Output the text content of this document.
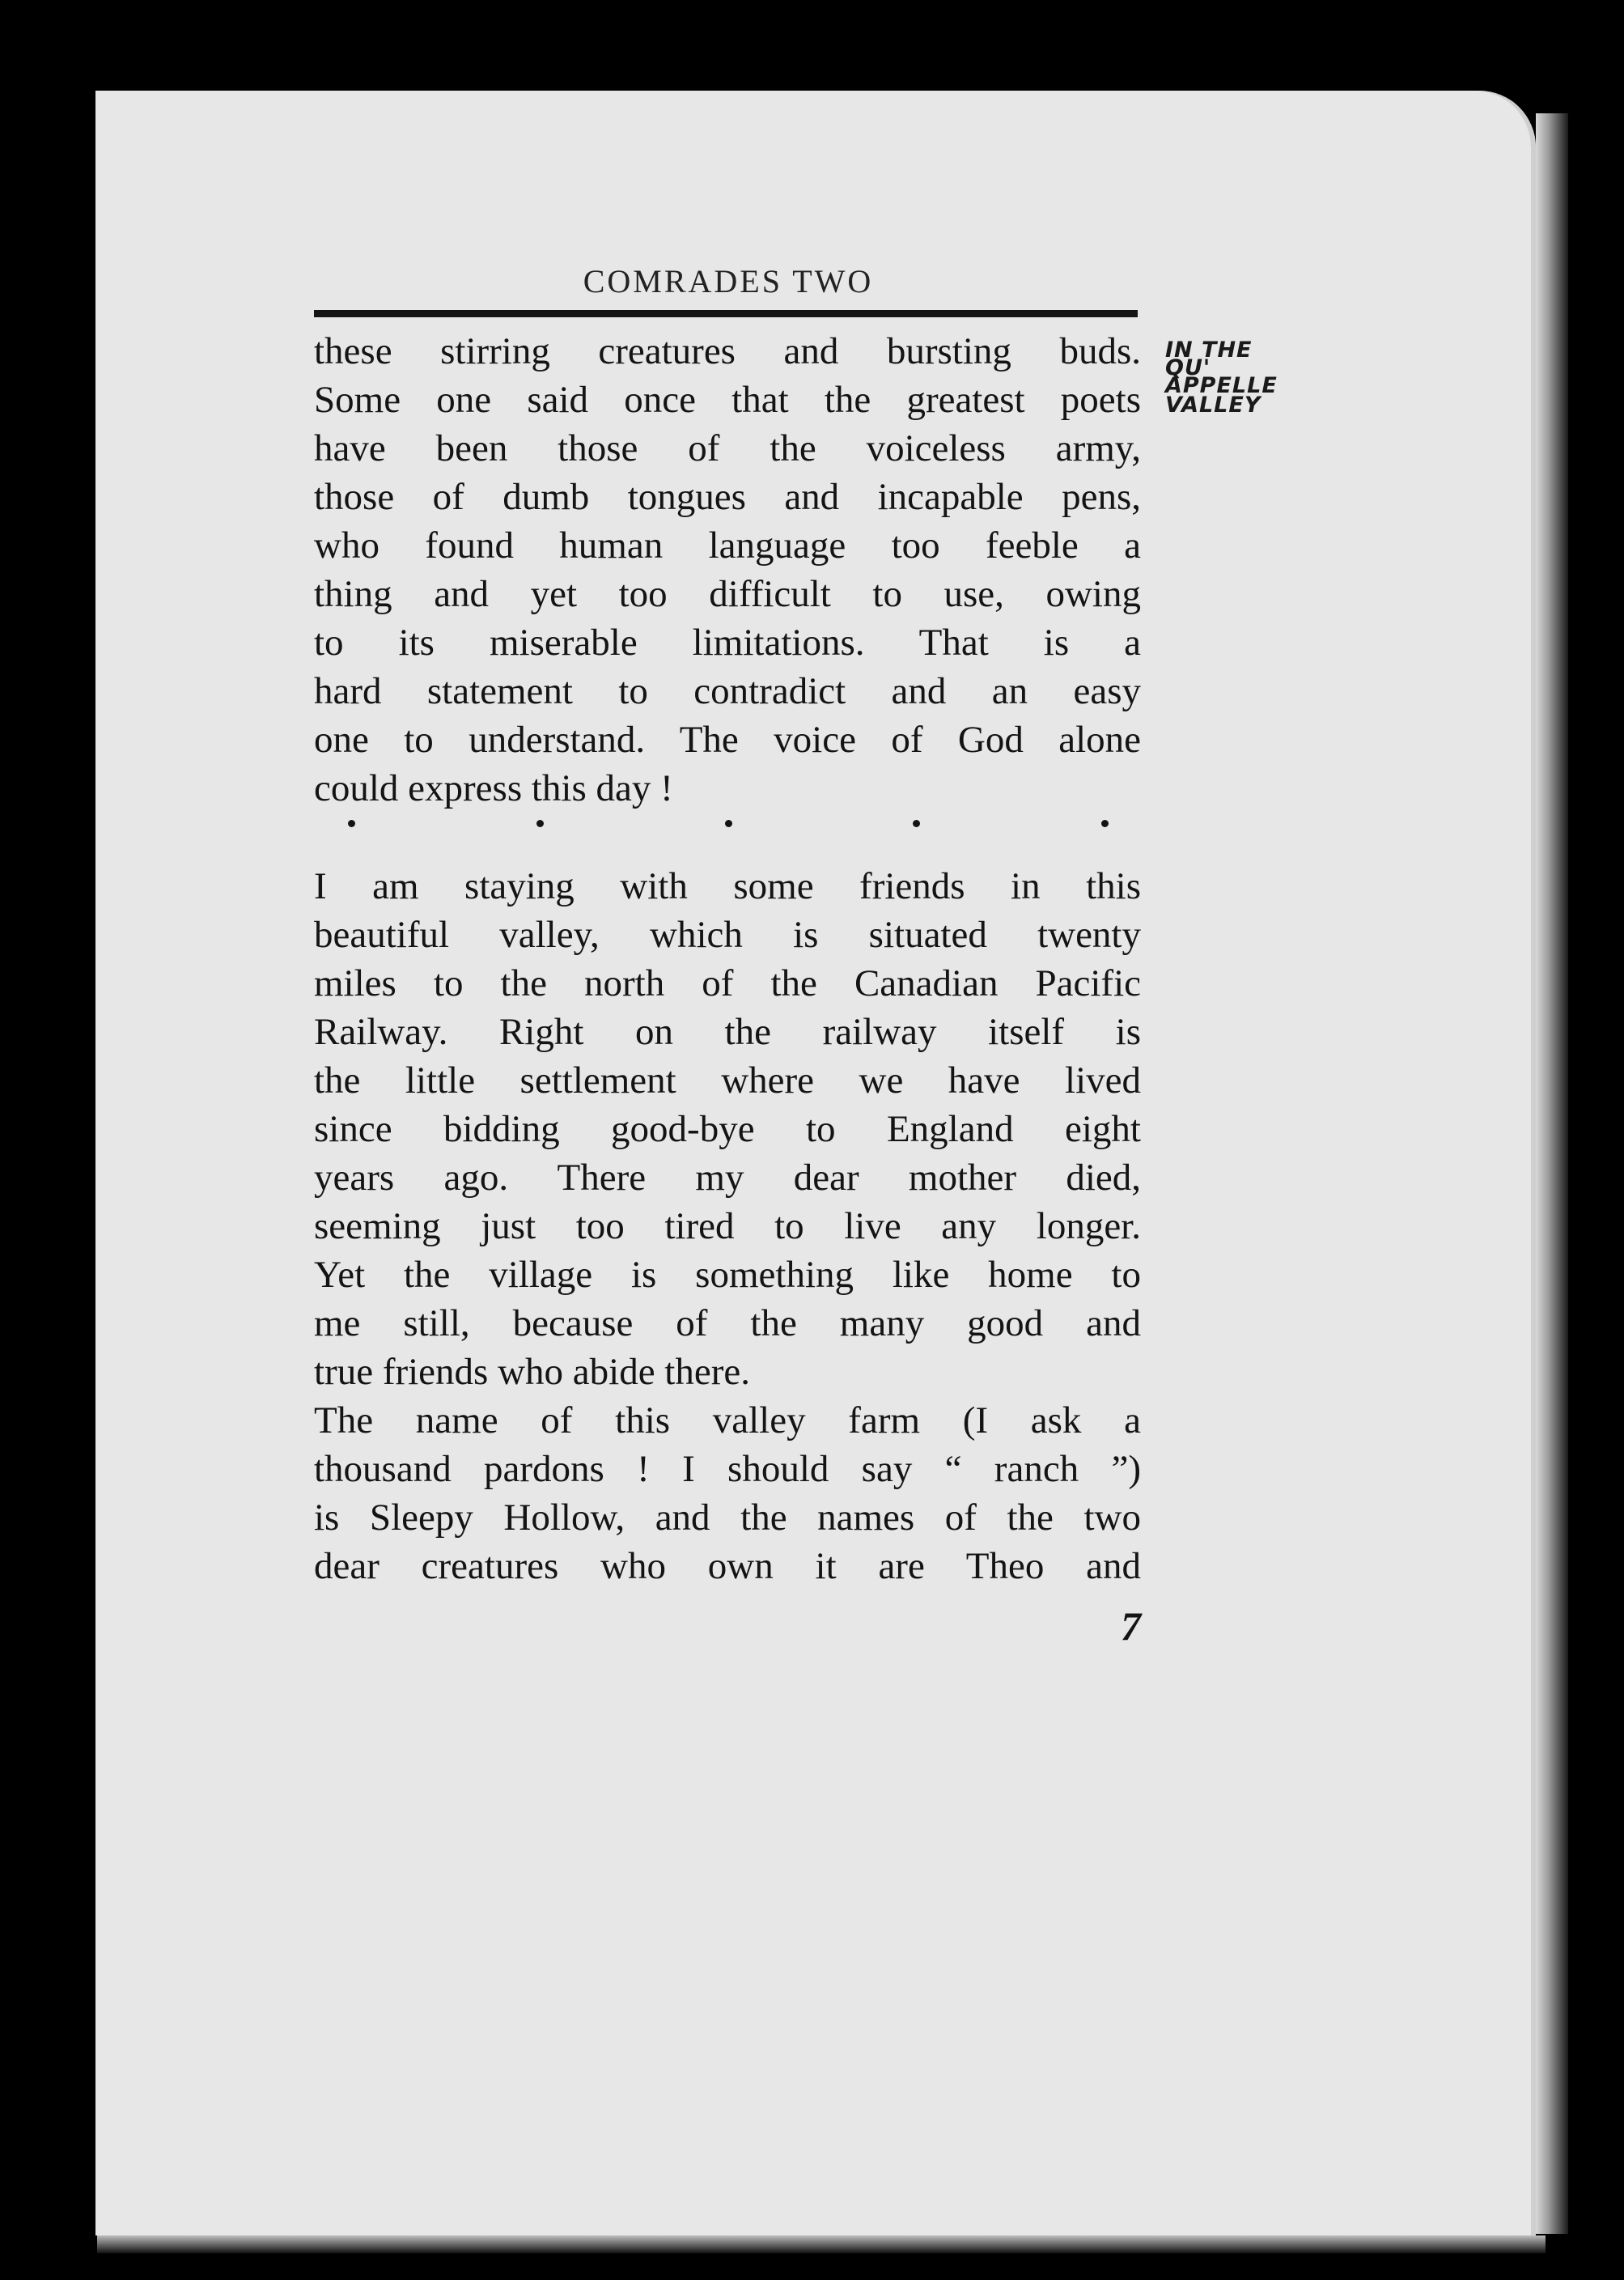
COMRADES TWO
IN THE
QU'
APPELLE
VALLEY
these stirring creatures and bursting buds.
Some one said once that the greatest poets
have been those of the voiceless army,
those of dumb tongues and incapable pens,
who found human language too feeble a
thing and yet too difficult to use, owing
to its miserable limitations. That is a
hard statement to contradict and an easy
one to understand. The voice of God alone
could express this day !
I am staying with some friends in this
beautiful valley, which is situated twenty
miles to the north of the Canadian Pacific
Railway. Right on the railway itself is
the little settlement where we have lived
since bidding good-bye to England eight
years ago. There my dear mother died,
seeming just too tired to live any longer.
Yet the village is something like home to
me still, because of the many good and
true friends who abide there.
The name of this valley farm (I ask a
thousand pardons ! I should say “ ranch ”)
is Sleepy Hollow, and the names of the two
dear creatures who own it are Theo and
7
